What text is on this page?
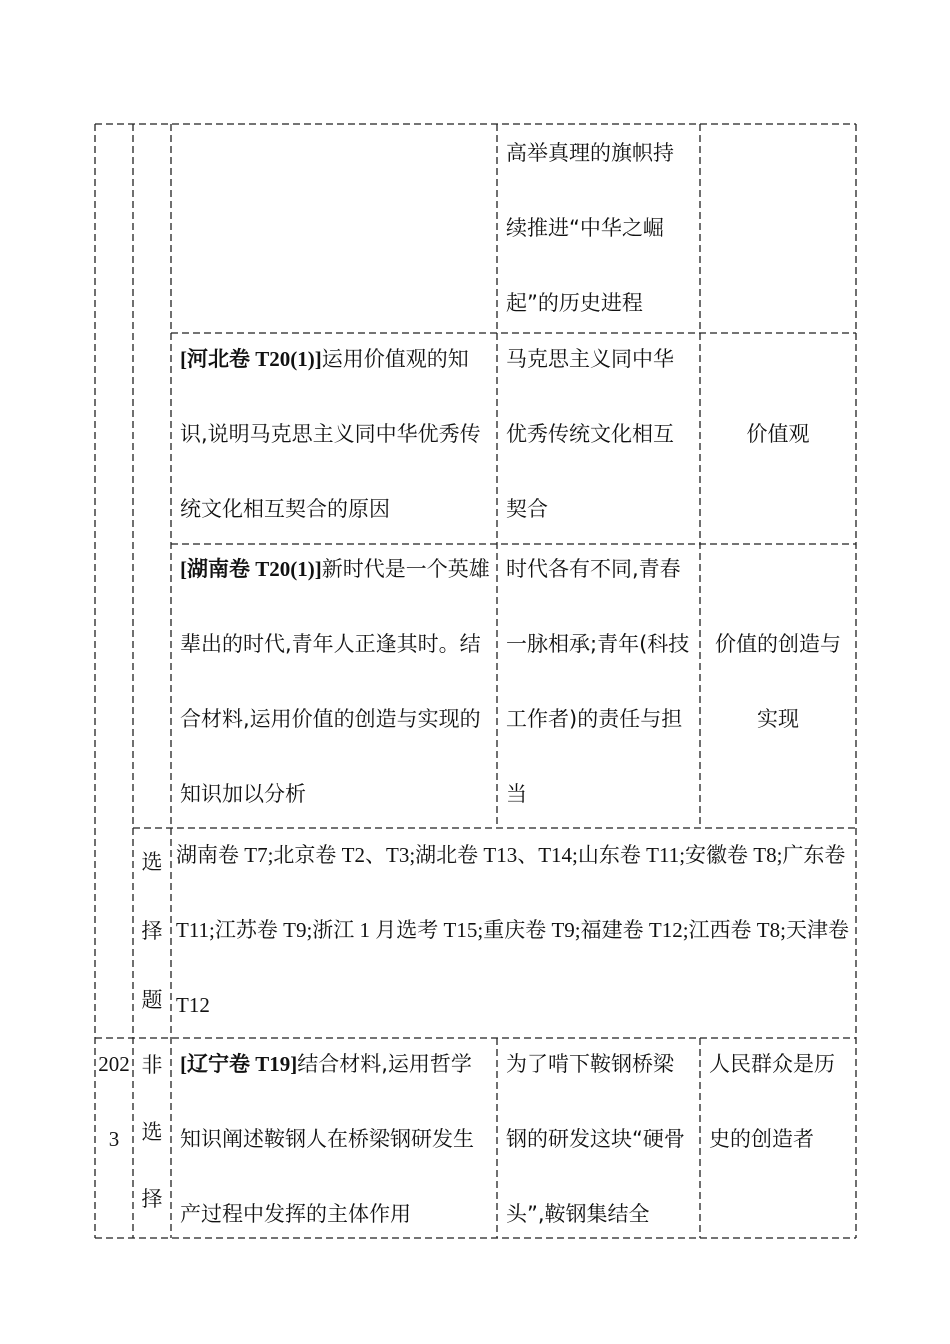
高举真理的旗帜持续推进“中华之崛起”的历史进程
[河北卷 T20(1)]运用价值观的知识,说明马克思主义同中华优秀传统文化相互契合的原因
马克思主义同中华优秀传统文化相互契合
价值观
[湖南卷 T20(1)]新时代是一个英雄辈出的时代,青年人正逢其时。结合材料,运用价值的创造与实现的知识加以分析
时代各有不同,青春一脉相承;青年(科技工作者)的责任与担当
价值的创造与实现
选
择
题
湖南卷 T7;北京卷 T2、T3;湖北卷 T13、T14;山东卷 T11;安徽卷 T8;广东卷 T11;江苏卷 T9;浙江 1 月选考 T15;重庆卷 T9;福建卷 T12;江西卷 T8;天津卷 T12
2023
非
选
择
[辽宁卷 T19]结合材料,运用哲学知识阐述鞍钢人在桥梁钢研发生产过程中发挥的主体作用
为了啃下鞍钢桥梁钢的研发这块“硬骨头”,鞍钢集结全
人民群众是历史的创造者
